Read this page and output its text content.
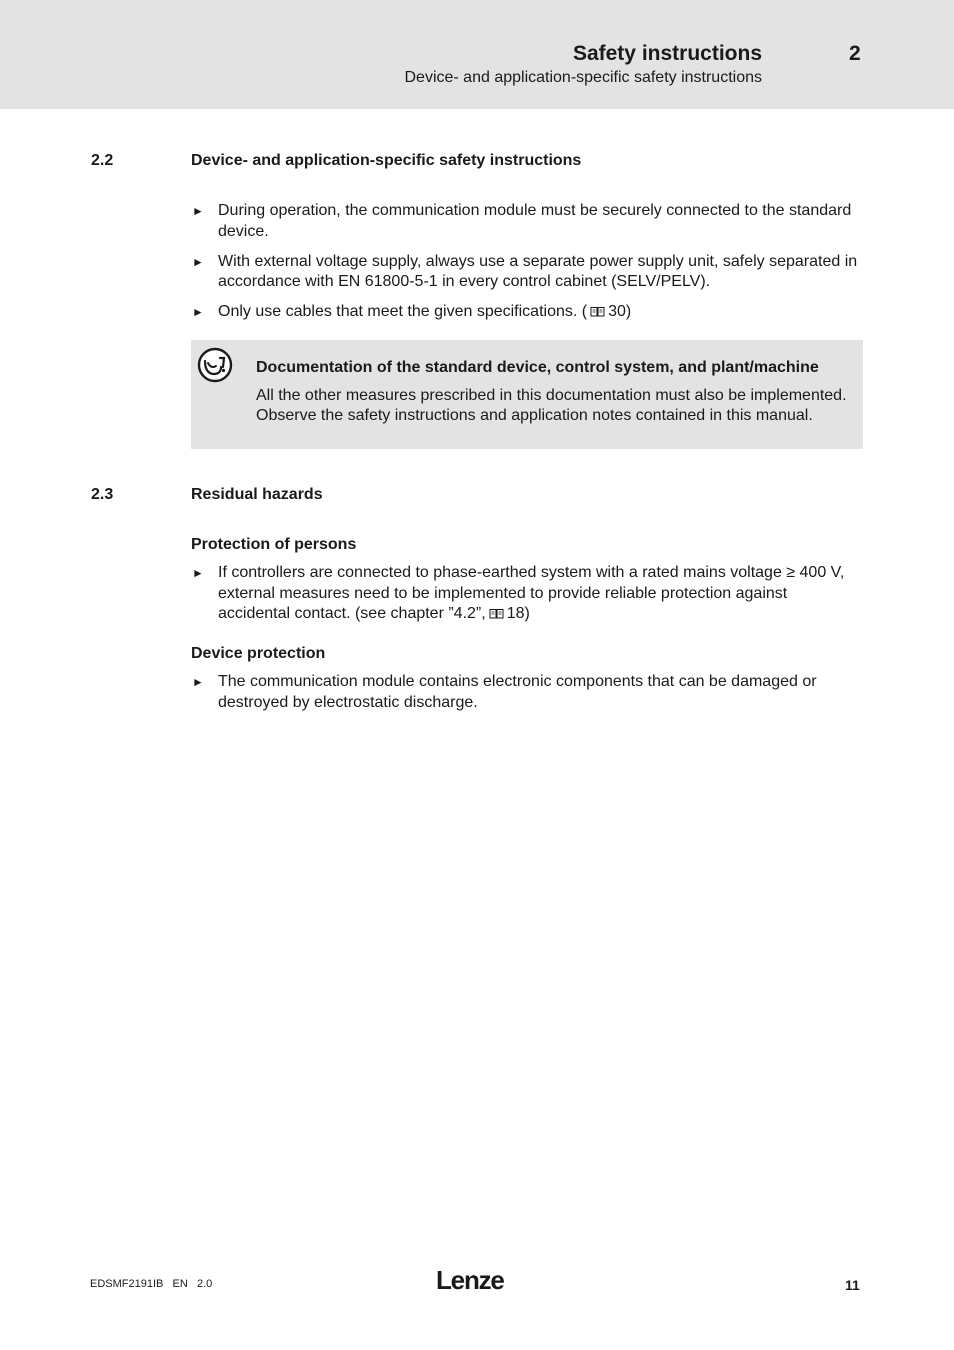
Safety instructions	2
Device- and application-specific safety instructions
2.2	Device- and application-specific safety instructions
► During operation, the communication module must be securely connected to the standard device.
► With external voltage supply, always use a separate power supply unit, safely separated in accordance with EN 61800-5-1 in every control cabinet (SELV/PELV).
► Only use cables that meet the given specifications. ( 30)
Documentation of the standard device, control system, and plant/machine
All the other measures prescribed in this documentation must also be implemented. Observe the safety instructions and application notes contained in this manual.
2.3	Residual hazards
Protection of persons
► If controllers are connected to phase-earthed system with a rated mains voltage ≥ 400 V, external measures need to be implemented to provide reliable protection against accidental contact. (see chapter ”4.2”, 18)
Device protection
► The communication module contains electronic components that can be damaged or destroyed by electrostatic discharge.
EDSMF2191IB EN 2.0	Lenze	11
